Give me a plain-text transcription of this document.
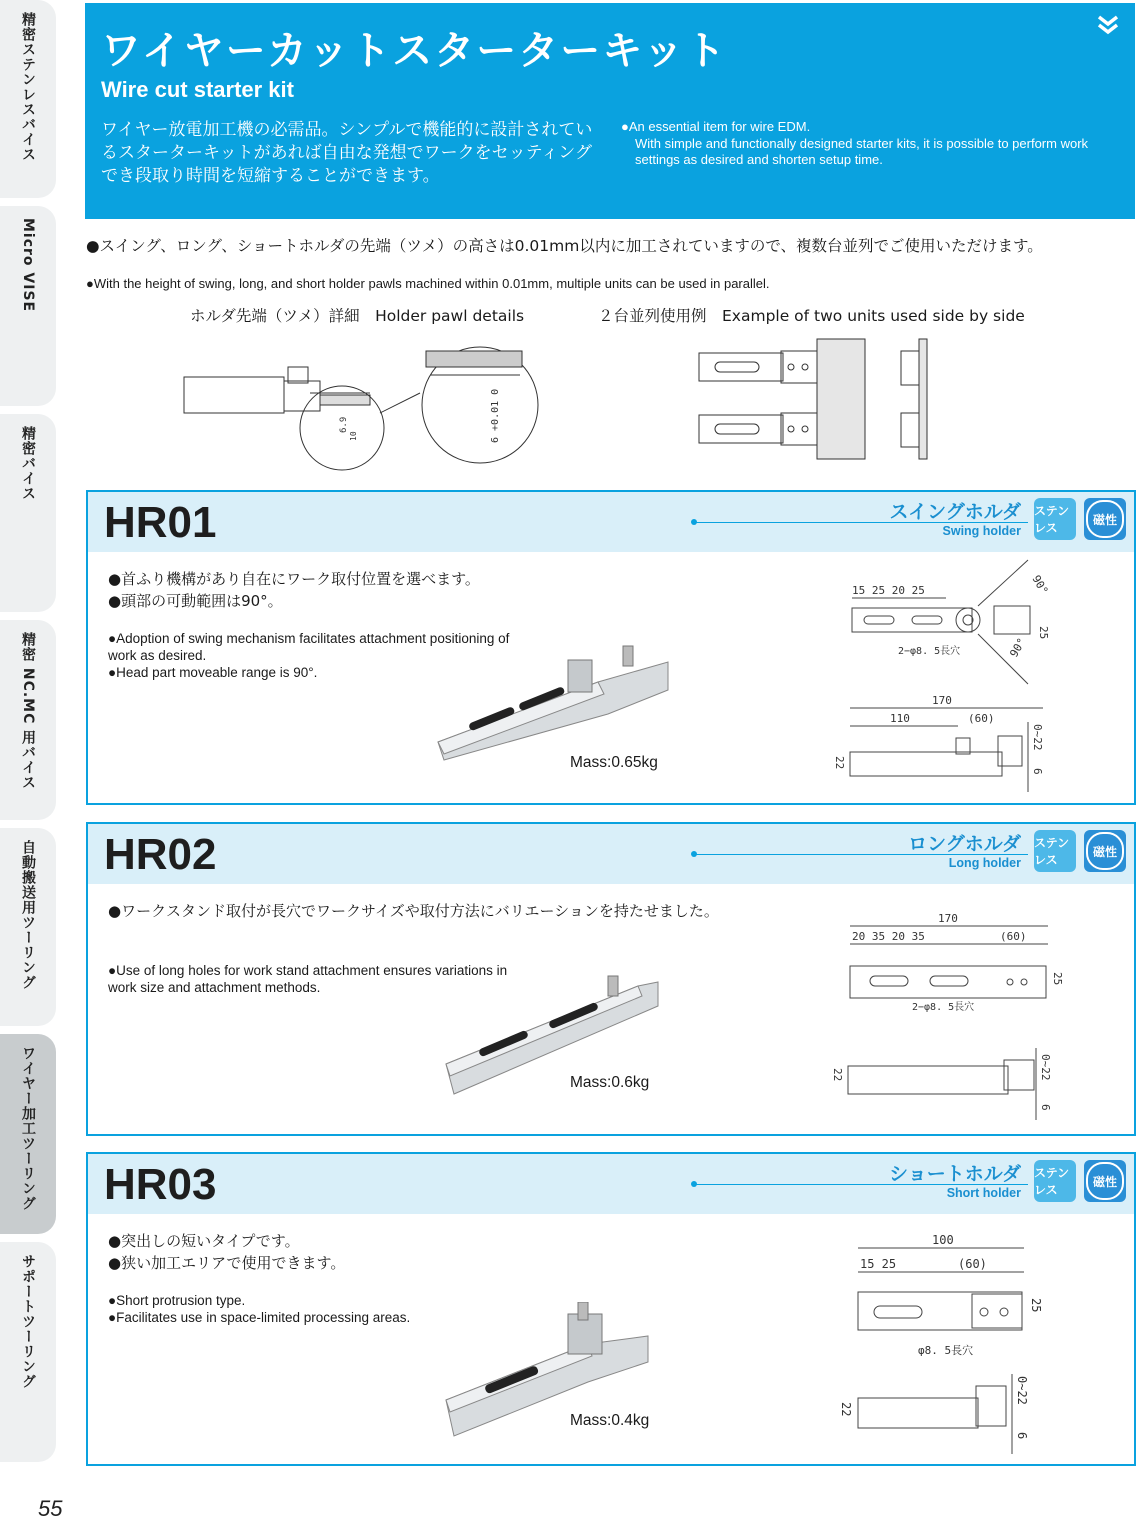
精密ステンレスバイス
Micro VISE
精密バイス
精密 NC.MC 用バイス
自動搬送用ツーリング
ワイヤー加工ツーリング
サポートツーリング
55
ワイヤーカットスターターキット
Wire cut starter kit
ワイヤー放電加工機の必需品。シンプルで機能的に設計されているスターターキットがあれば自由な発想でワークをセッティングでき段取り時間を短縮することができます。
●An essential item for wire EDM.
With simple and functionally designed starter kits, it is possible to perform work settings as desired and shorten setup time.
●スイング、ロング、ショートホルダの先端（ツメ）の高さは0.01mm以内に加工されていますので、複数台並列でご使用いただけます。
●With the height of swing, long, and short holder pawls machined within 0.01mm, multiple units can be used in parallel.
ホルダ先端（ツメ）詳細　Holder pawl details	２台並列使用例　Example of two units used side by side
6.9
10	6 +0.01 0
HR01	スイングホルダ
Swing holder
ステンレス
磁性
●首ふり機構があり自在にワーク取付位置を選べます。
●頭部の可動範囲は90°。
●Adoption of swing mechanism facilitates attachment positioning of work as desired.
●Head part moveable range is 90°.
Mass:0.65kg
15 25 20 25
2−φ8. 5長穴
90°
90°
25
170
110	(60)
22
0~22
6
HR02	ロングホルダ
Long holder
ステンレス
磁性
●ワークスタンド取付が長穴でワークサイズや取付方法にバリエーションを持たせました。
●Use of long holes for work stand attachment ensures variations in work size and attachment methods.
Mass:0.6kg
170
20 35 20 35	(60)
25
2−φ8. 5長穴
22	0~22
6
HR03	ショートホルダ
Short holder
ステンレス
磁性
●突出しの短いタイプです。
●狭い加工エリアで使用できます。
●Short protrusion type.
●Facilitates use in space-limited processing areas.
Mass:0.4kg
100
15 25	(60)
25
φ8. 5長穴
22
0~22
6
